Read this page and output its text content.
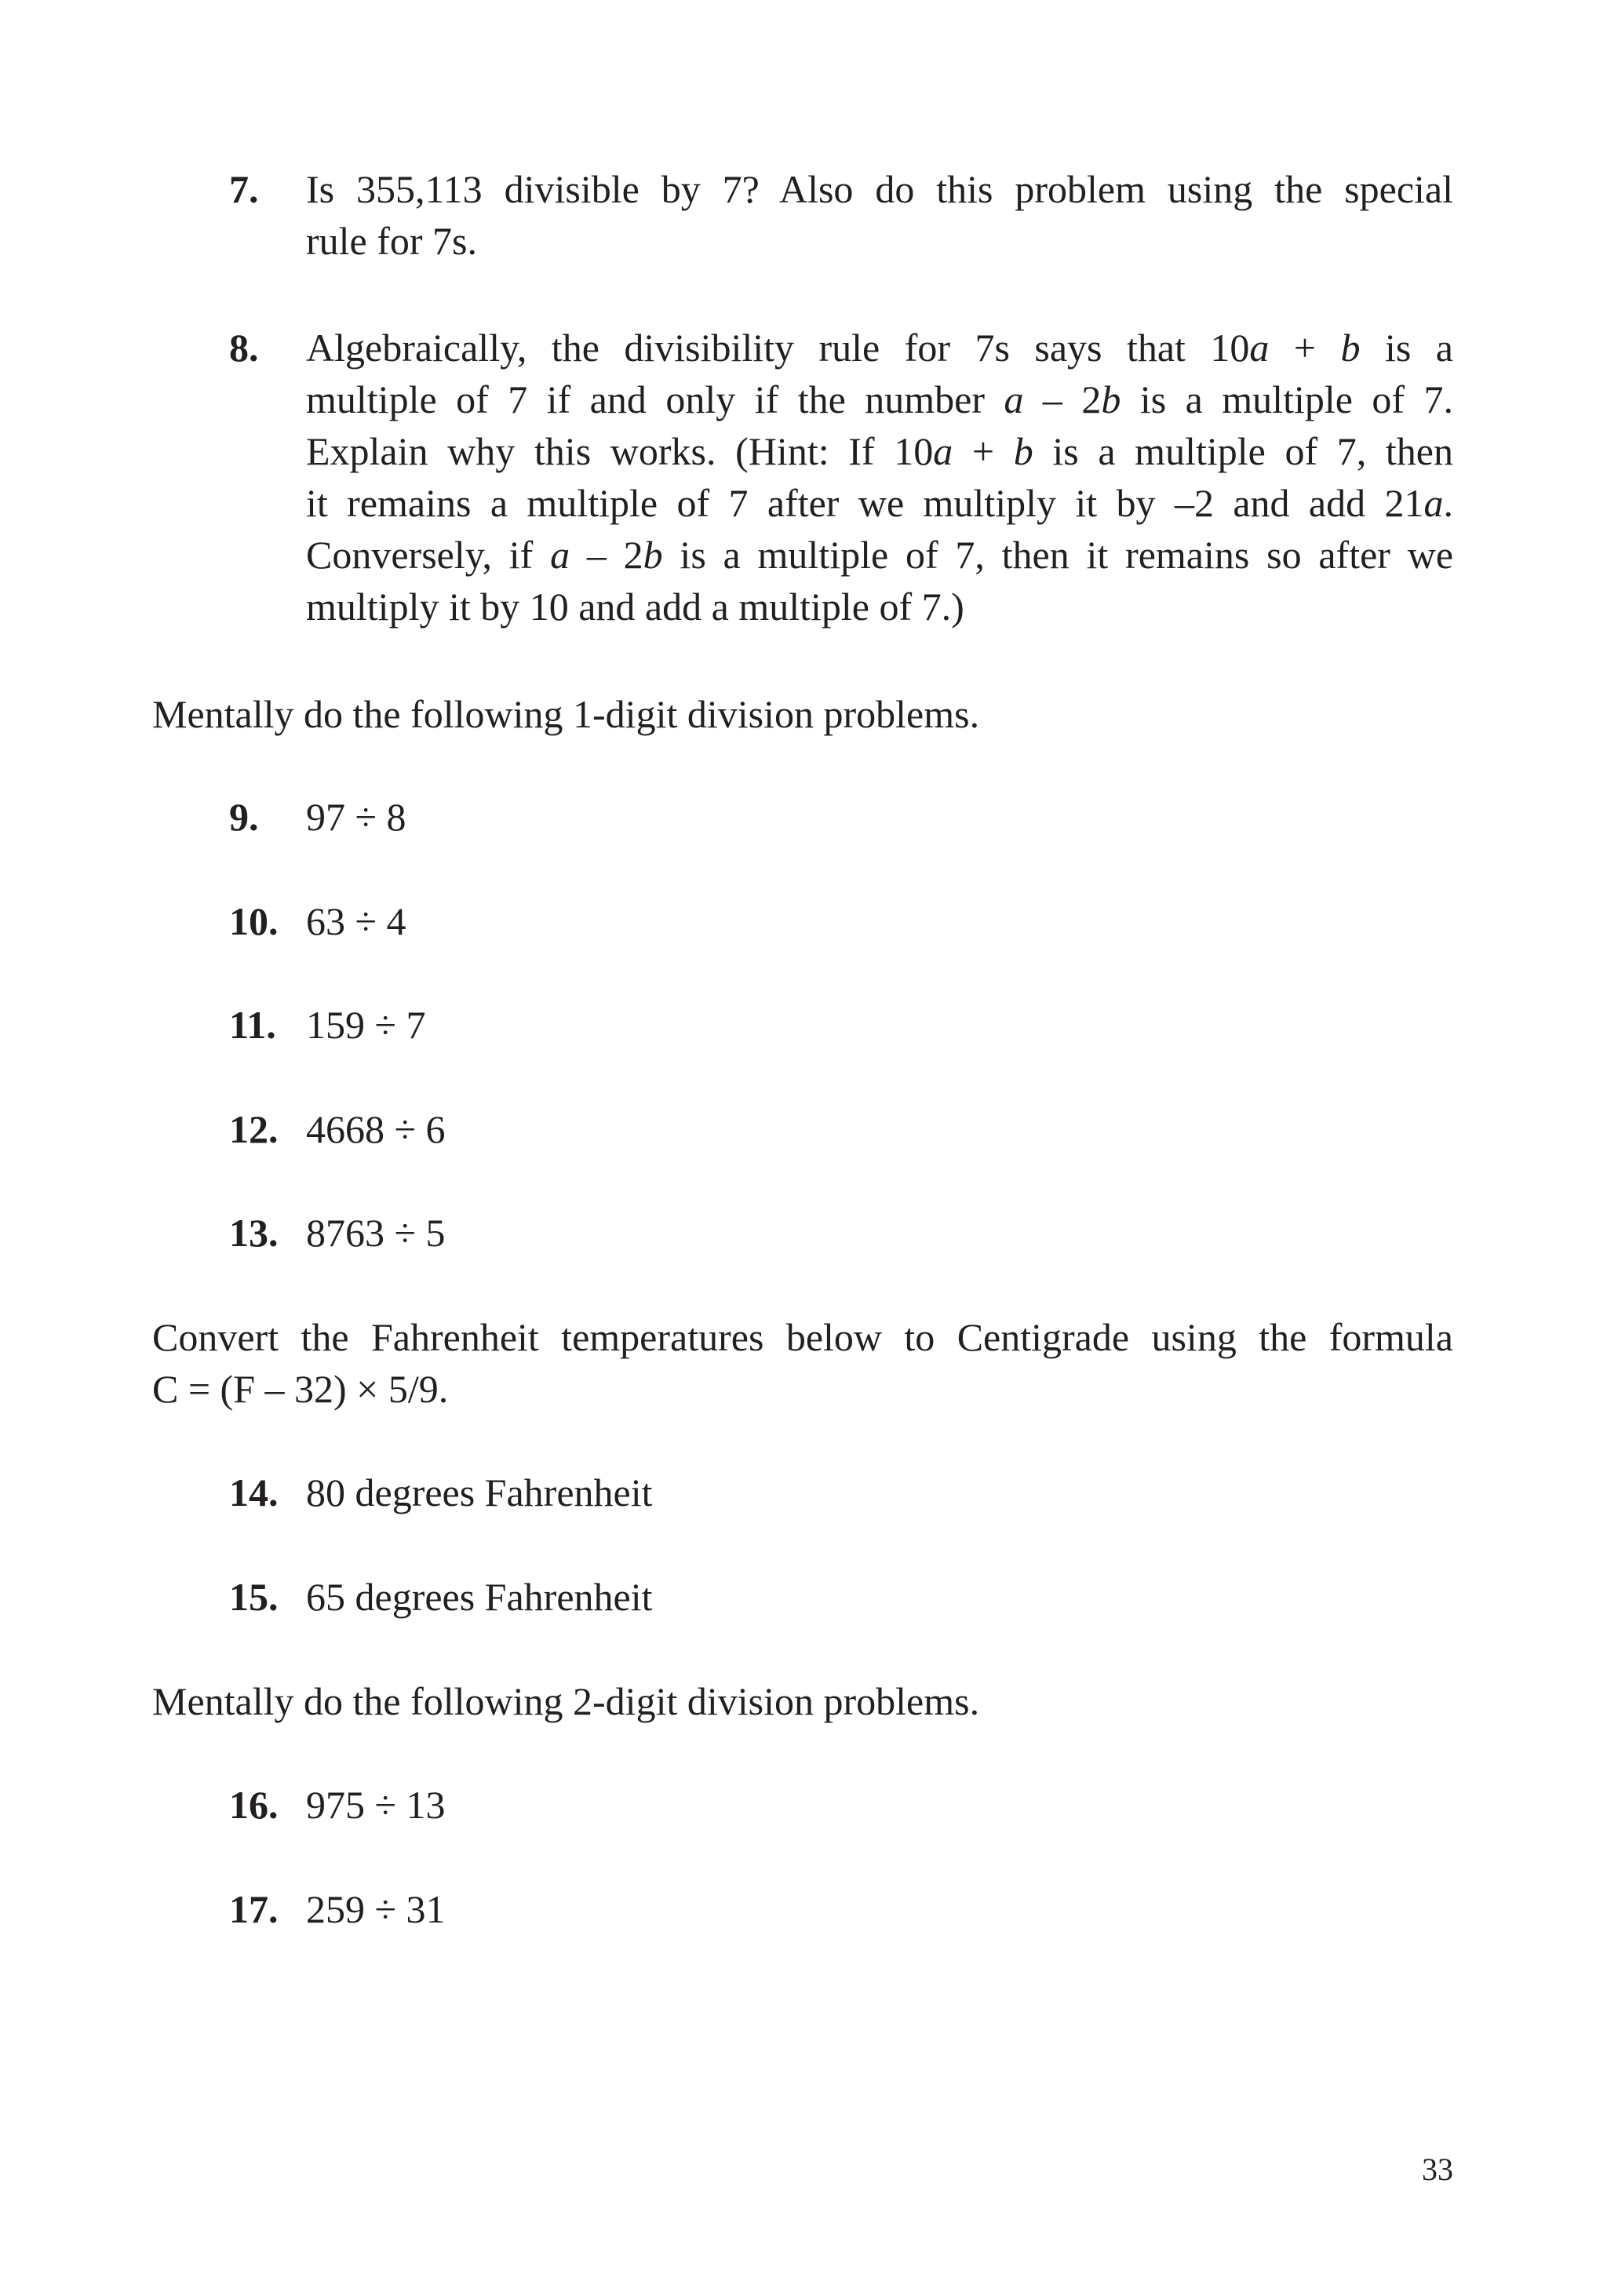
7. Is 355,113 divisible by 7? Also do this problem using the special
rule for 7s.
8. Algebraically, the divisibility rule for 7s says that 10a + b is a
multiple of 7 if and only if the number a – 2b is a multiple of 7.
Explain why this works. (Hint: If 10a + b is a multiple of 7, then
it remains a multiple of 7 after we multiply it by –2 and add 21a.
Conversely, if a – 2b is a multiple of 7, then it remains so after we
multiply it by 10 and add a multiple of 7.)
Mentally do the following 1-digit division problems.
9. 97 ÷ 8
10. 63 ÷ 4
11. 159 ÷ 7
12. 4668 ÷ 6
13. 8763 ÷ 5
Convert the Fahrenheit temperatures below to Centigrade using the formula
C = (F – 32) × 5/9.
14. 80 degrees Fahrenheit
15. 65 degrees Fahrenheit
Mentally do the following 2-digit division problems.
16. 975 ÷ 13
17. 259 ÷ 31
33
